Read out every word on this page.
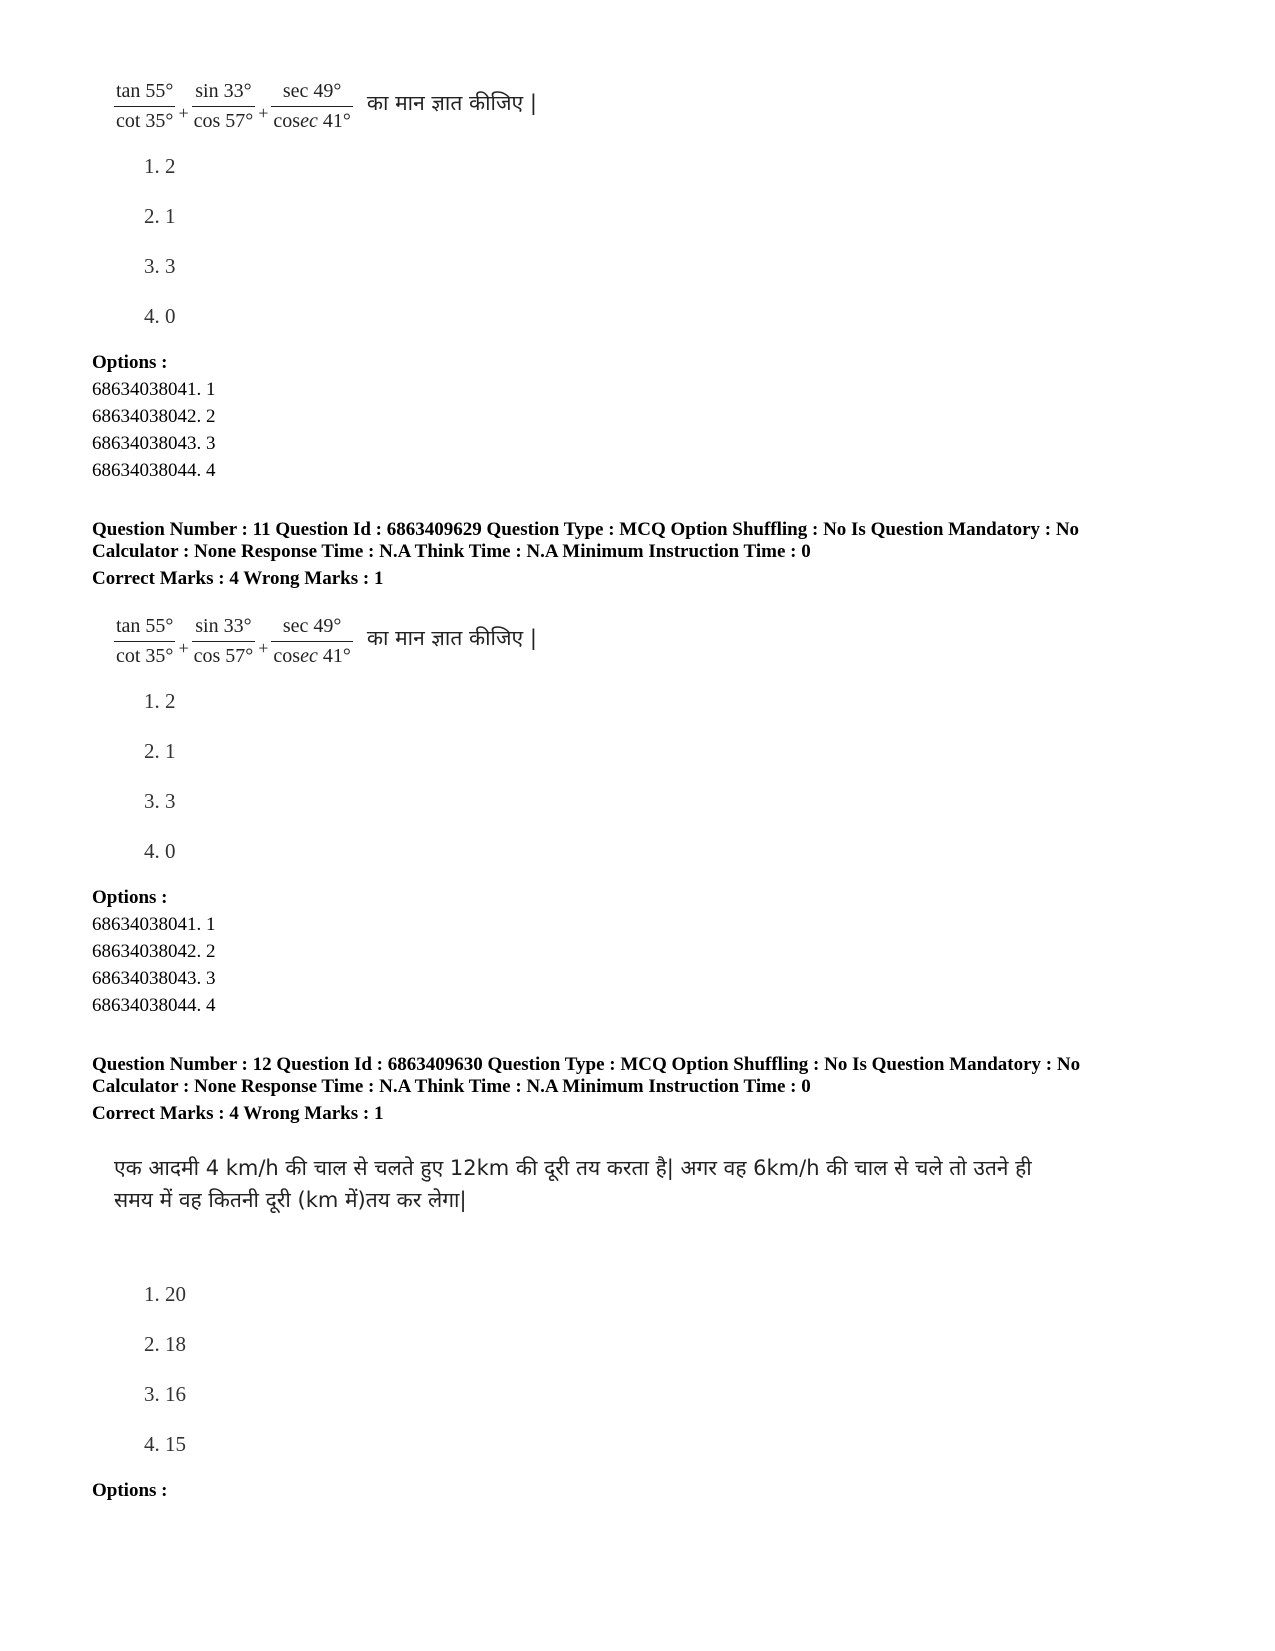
$\frac{\tan 55^\circ}{\cot 35^\circ} + \frac{\sin 33^\circ}{\cos 57^\circ} + \frac{\sec 49^\circ}{cosec 41^\circ}$ का मान ज्ञात कीजिए |
1. 2
2. 1
3. 3
4. 0
Options :
68634038041. 1
68634038042. 2
68634038043. 3
68634038044. 4
Question Number : 11 Question Id : 6863409629 Question Type : MCQ Option Shuffling : No Is Question Mandatory : No
Calculator : None Response Time : N.A Think Time : N.A Minimum Instruction Time : 0
Correct Marks : 4 Wrong Marks : 1
$\frac{\tan 55^\circ}{\cot 35^\circ} + \frac{\sin 33^\circ}{\cos 57^\circ} + \frac{\sec 49^\circ}{cosec 41^\circ}$ का मान ज्ञात कीजिए |
1. 2
2. 1
3. 3
4. 0
Options :
68634038041. 1
68634038042. 2
68634038043. 3
68634038044. 4
Question Number : 12 Question Id : 6863409630 Question Type : MCQ Option Shuffling : No Is Question Mandatory : No
Calculator : None Response Time : N.A Think Time : N.A Minimum Instruction Time : 0
Correct Marks : 4 Wrong Marks : 1
एक आदमी 4 km/h की चाल से चलते हुए 12km की दूरी तय करता है| अगर वह 6km/h की चाल से चले तो उतने ही
समय में वह कितनी दूरी (km में)तय कर लेगा|
1. 20
2. 18
3. 16
4. 15
Options :
